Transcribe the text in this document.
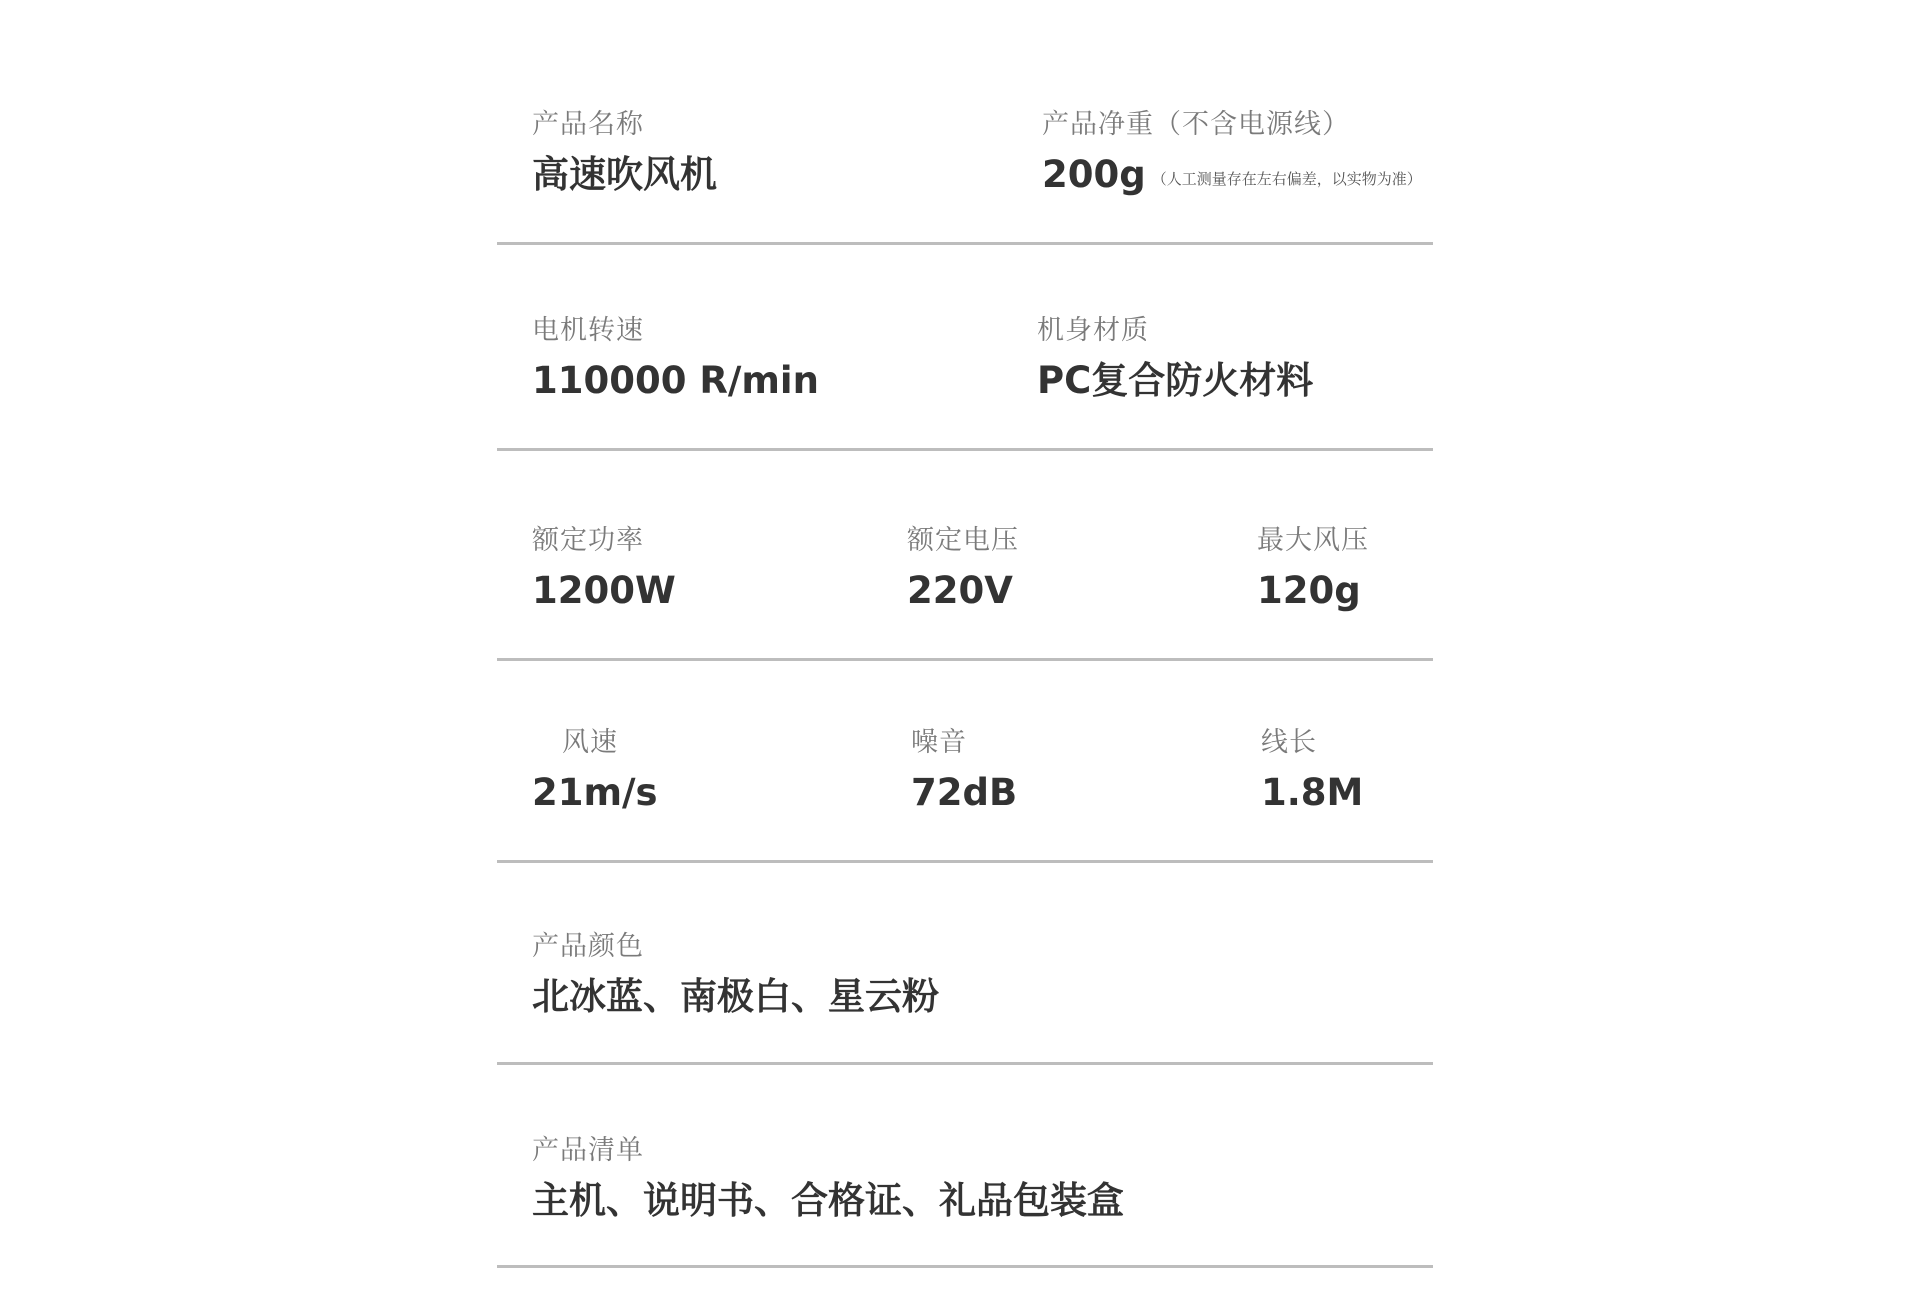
产品名称
高速吹风机
产品净重（不含电源线）
200g （人工测量存在左右偏差，以实物为准）
电机转速
110000 R/min
机身材质
PC复合防火材料
额定功率
1200W
额定电压
220V
最大风压
120g
风速
21m/s
噪音
72dB
线长
1.8M
产品颜色
北冰蓝、南极白、星云粉
产品清单
主机、说明书、合格证、礼品包装盒
